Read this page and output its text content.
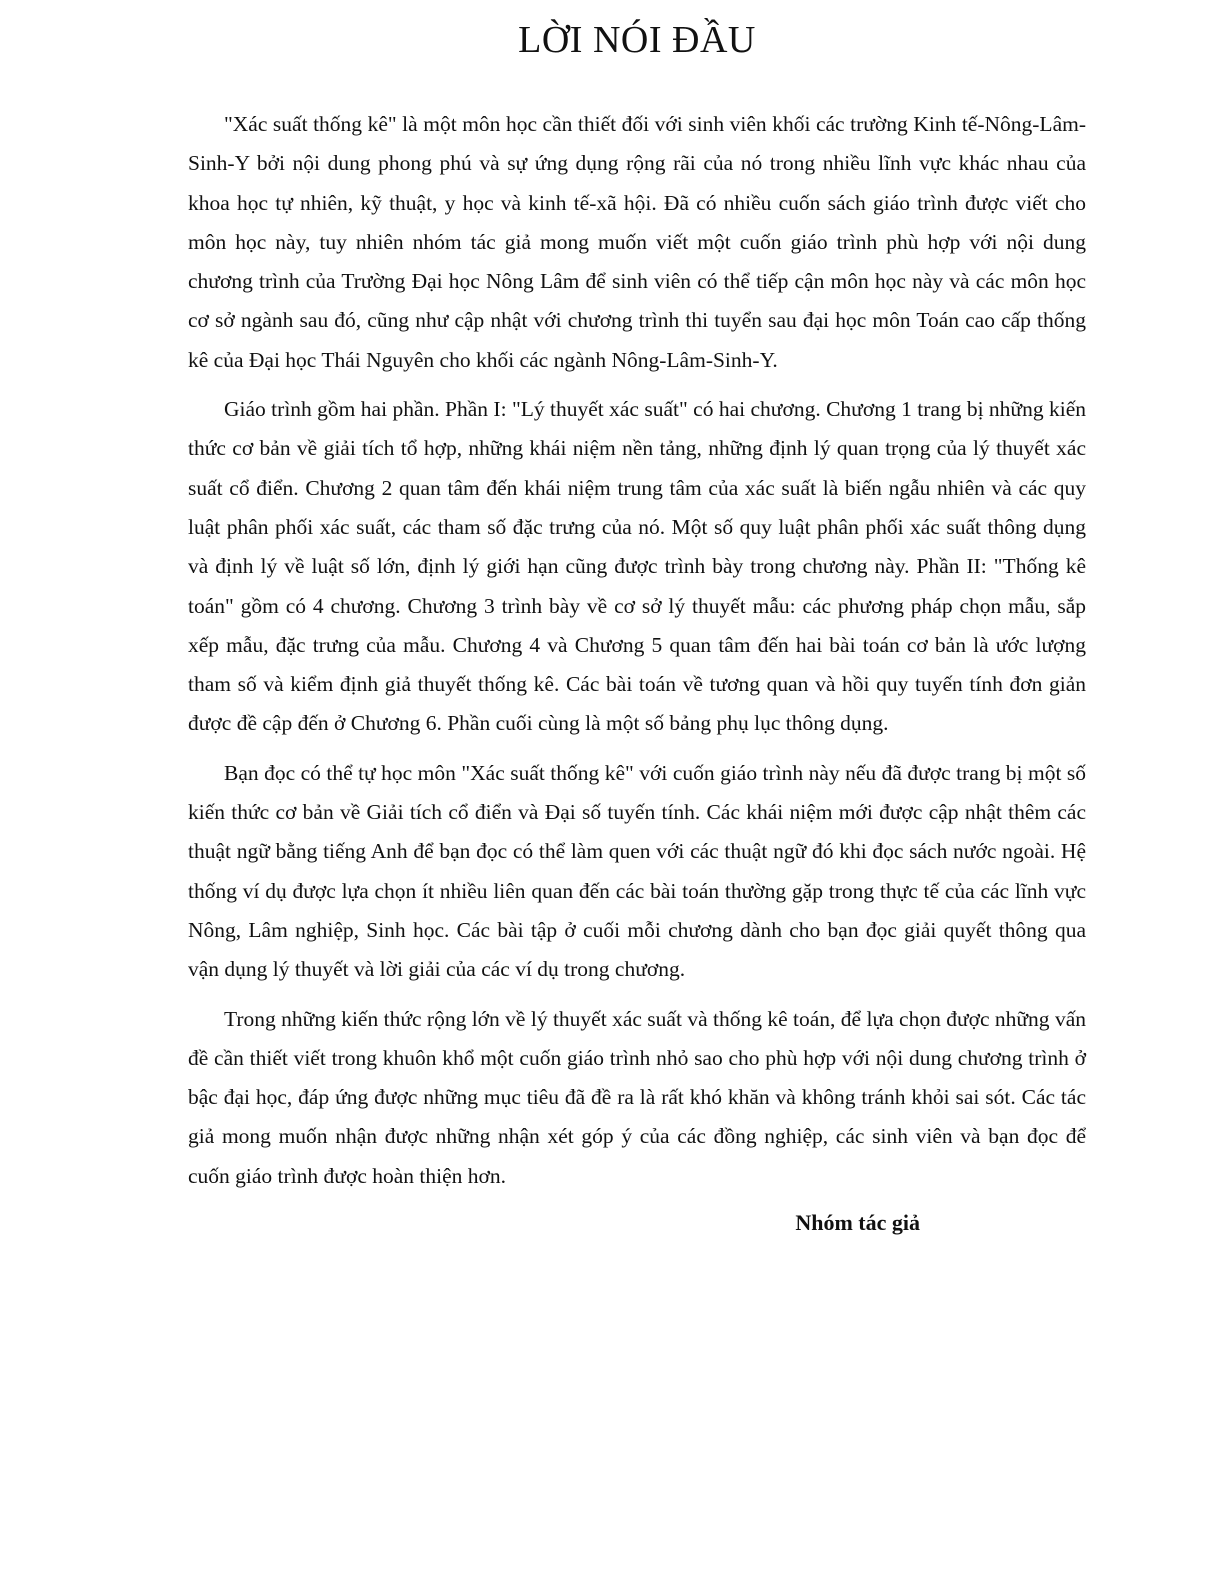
LỜI NÓI ĐẦU

"Xác suất thống kê" là một môn học cần thiết đối với sinh viên khối các trường Kinh tế-Nông-Lâm-Sinh-Y bởi nội dung phong phú và sự ứng dụng rộng rãi của nó trong nhiều lĩnh vực khác nhau của khoa học tự nhiên, kỹ thuật, y học và kinh tế-xã hội. Đã có nhiều cuốn sách giáo trình được viết cho môn học này, tuy nhiên nhóm tác giả mong muốn viết một cuốn giáo trình phù hợp với nội dung chương trình của Trường Đại học Nông Lâm để sinh viên có thể tiếp cận môn học này và các môn học cơ sở ngành sau đó, cũng như cập nhật với chương trình thi tuyển sau đại học môn Toán cao cấp thống kê của Đại học Thái Nguyên cho khối các ngành Nông-Lâm-Sinh-Y.

Giáo trình gồm hai phần. Phần I: "Lý thuyết xác suất" có hai chương. Chương 1 trang bị những kiến thức cơ bản về giải tích tổ hợp, những khái niệm nền tảng, những định lý quan trọng của lý thuyết xác suất cổ điển. Chương 2 quan tâm đến khái niệm trung tâm của xác suất là biến ngẫu nhiên và các quy luật phân phối xác suất, các tham số đặc trưng của nó. Một số quy luật phân phối xác suất thông dụng và định lý về luật số lớn, định lý giới hạn cũng được trình bày trong chương này. Phần II: "Thống kê toán" gồm có 4 chương. Chương 3 trình bày về cơ sở lý thuyết mẫu: các phương pháp chọn mẫu, sắp xếp mẫu, đặc trưng của mẫu. Chương 4 và Chương 5 quan tâm đến hai bài toán cơ bản là ước lượng tham số và kiểm định giả thuyết thống kê. Các bài toán về tương quan và hồi quy tuyến tính đơn giản được đề cập đến ở Chương 6. Phần cuối cùng là một số bảng phụ lục thông dụng.

Bạn đọc có thể tự học môn "Xác suất thống kê" với cuốn giáo trình này nếu đã được trang bị một số kiến thức cơ bản về Giải tích cổ điển và Đại số tuyến tính. Các khái niệm mới được cập nhật thêm các thuật ngữ bằng tiếng Anh để bạn đọc có thể làm quen với các thuật ngữ đó khi đọc sách nước ngoài. Hệ thống ví dụ được lựa chọn ít nhiều liên quan đến các bài toán thường gặp trong thực tế của các lĩnh vực Nông, Lâm nghiệp, Sinh học. Các bài tập ở cuối mỗi chương dành cho bạn đọc giải quyết thông qua vận dụng lý thuyết và lời giải của các ví dụ trong chương.

Trong những kiến thức rộng lớn về lý thuyết xác suất và thống kê toán, để lựa chọn được những vấn đề cần thiết viết trong khuôn khổ một cuốn giáo trình nhỏ sao cho phù hợp với nội dung chương trình ở bậc đại học, đáp ứng được những mục tiêu đã đề ra là rất khó khăn và không tránh khỏi sai sót. Các tác giả mong muốn nhận được những nhận xét góp ý của các đồng nghiệp, các sinh viên và bạn đọc để cuốn giáo trình được hoàn thiện hơn.

Nhóm tác giả
